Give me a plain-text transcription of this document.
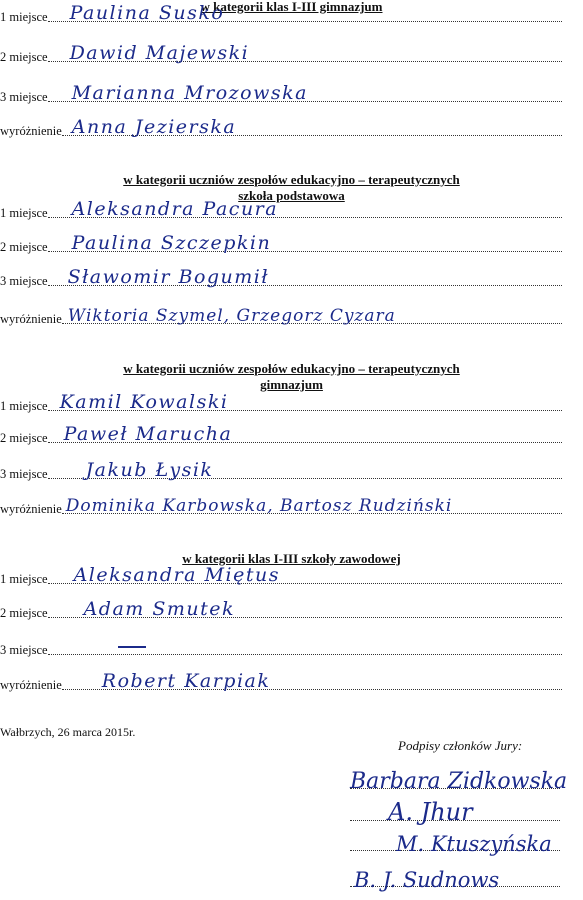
w kategorii klas I-III gimnazjum
1 miejsce Paulina Susko
2 miejsce Dawid Majewski
3 miejsce Marianna Mrozowska
wyróżnienie Anna Jezierska
w kategorii uczniów zespołów edukacyjno – terapeutycznych
szkoła podstawowa
1 miejsce Aleksandra Pacura
2 miejsce Paulina Szczepkin
3 miejsce Sławomir Bogumił
wyróżnienie Wiktoria Szymel, Grzegorz Cyzara
w kategorii uczniów zespołów edukacyjno – terapeutycznych
gimnazjum
1 miejsce Kamil Kowalski
2 miejsce Paweł Marucha
3 miejsce Jakub Łysik
wyróżnienie Dominika Karbowska, Bartosz Rudziński
w kategorii klas I-III szkoły zawodowej
1 miejsce Aleksandra Miętus
2 miejsce Adam Smutek
3 miejsce
wyróżnienie Robert Karpiak
Wałbrzych, 26 marca 2015r.
Podpisy członków Jury:
Barbara Zidkowska
A. Jhur
M. Ktuszyńska
B. J. Sudnows
